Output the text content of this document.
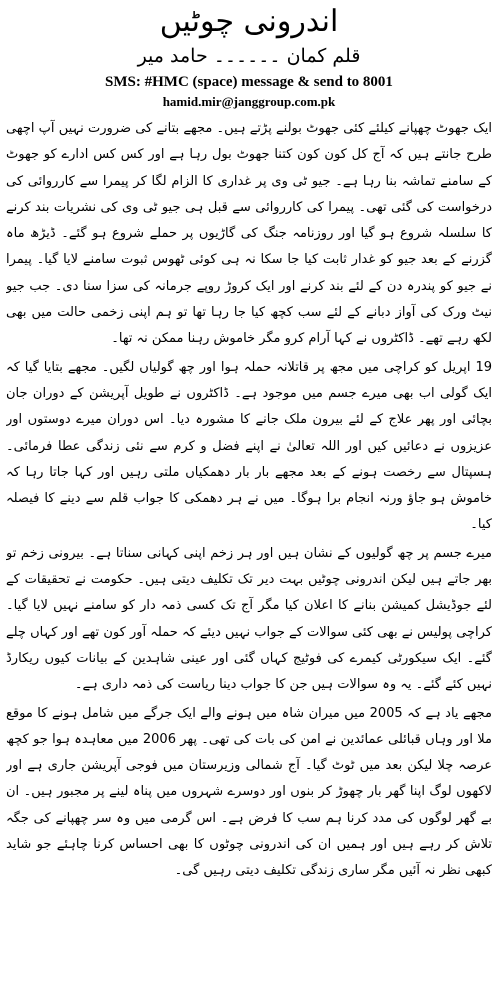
اندرونی چوٹیں
قلم کمان ۔۔۔۔۔۔ حامد میر
SMS: #HMC (space) message & send to 8001
hamid.mir@janggroup.com.pk

ایک جھوٹ چھپانے کیلئے کئی جھوٹ بولنے پڑتے ہیں۔ مجھے بتانے کی ضرورت نہیں آپ اچھی طرح جانتے ہیں کہ آج کل کون کون کتنا جھوٹ بول رہا ہے اور کس کس ادارے کو جھوٹ کے سامنے تماشہ بنا رہا ہے۔ جیو ٹی وی پر غداری کا الزام لگا کر پیمرا سے کارروائی کی درخواست کی گئی تھی۔ پیمرا کی کارروائی سے قبل ہی جیو ٹی وی کی نشریات بند کرنے کا سلسلہ شروع ہو گیا اور روزنامہ جنگ کی گاڑیوں پر حملے شروع ہو گئے۔ ڈیڑھ ماہ گزرنے کے بعد جیو کو غدار ثابت کیا جا سکا نہ ہی کوئی ٹھوس ثبوت سامنے لایا گیا۔ پیمرا نے جیو کو پندرہ دن کے لئے بند کرنے اور ایک کروڑ روپے جرمانہ کی سزا سنا دی۔ جب جیو نیٹ ورک کی آواز دبانے کے لئے سب کچھ کیا جا رہا تھا تو ہم اپنی زخمی حالت میں بھی لکھ رہے تھے۔ ڈاکٹروں نے کہا آرام کرو مگر خاموش رہنا ممکن نہ تھا۔

19 اپریل کو کراچی میں مجھ پر قاتلانہ حملہ ہوا اور چھ گولیاں لگیں۔ مجھے بتایا گیا کہ ایک گولی اب بھی میرے جسم میں موجود ہے۔ ڈاکٹروں نے طویل آپریشن کے دوران جان بچائی اور پھر علاج کے لئے بیرون ملک جانے کا مشورہ دیا۔ اس دوران میرے دوستوں اور عزیزوں نے دعائیں کیں اور اللہ تعالیٰ نے اپنے فضل و کرم سے نئی زندگی عطا فرمائی۔ ہسپتال سے رخصت ہونے کے بعد مجھے بار بار دھمکیاں ملتی رہیں اور کہا جاتا رہا کہ خاموش ہو جاؤ ورنہ انجام برا ہوگا۔ میں نے ہر دھمکی کا جواب قلم سے دینے کا فیصلہ کیا۔

میرے جسم پر چھ گولیوں کے نشان ہیں اور ہر زخم اپنی کہانی سناتا ہے۔ بیرونی زخم تو بھر جاتے ہیں لیکن اندرونی چوٹیں بہت دیر تک تکلیف دیتی ہیں۔ حکومت نے تحقیقات کے لئے جوڈیشل کمیشن بنانے کا اعلان کیا مگر آج تک کسی ذمہ دار کو سامنے نہیں لایا گیا۔ کراچی پولیس نے بھی کئی سوالات کے جواب نہیں دیئے کہ حملہ آور کون تھے اور کہاں چلے گئے۔ ایک سیکورٹی کیمرے کی فوٹیج کہاں گئی اور عینی شاہدین کے بیانات کیوں ریکارڈ نہیں کئے گئے۔ یہ وہ سوالات ہیں جن کا جواب دینا ریاست کی ذمہ داری ہے۔

مجھے یاد ہے کہ 2005 میں میران شاہ میں ہونے والے ایک جرگے میں شامل ہونے کا موقع ملا اور وہاں قبائلی عمائدین نے امن کی بات کی تھی۔ پھر 2006 میں معاہدہ ہوا جو کچھ عرصہ چلا لیکن بعد میں ٹوٹ گیا۔ آج شمالی وزیرستان میں فوجی آپریشن جاری ہے اور لاکھوں لوگ اپنا گھر بار چھوڑ کر بنوں اور دوسرے شہروں میں پناہ لینے پر مجبور ہیں۔ ان بے گھر لوگوں کی مدد کرنا ہم سب کا فرض ہے۔ اس گرمی میں وہ سر چھپانے کی جگہ تلاش کر رہے ہیں اور ہمیں ان کی اندرونی چوٹوں کا بھی احساس کرنا چاہئے جو شاید کبھی نظر نہ آئیں مگر ساری زندگی تکلیف دیتی رہیں گی۔
